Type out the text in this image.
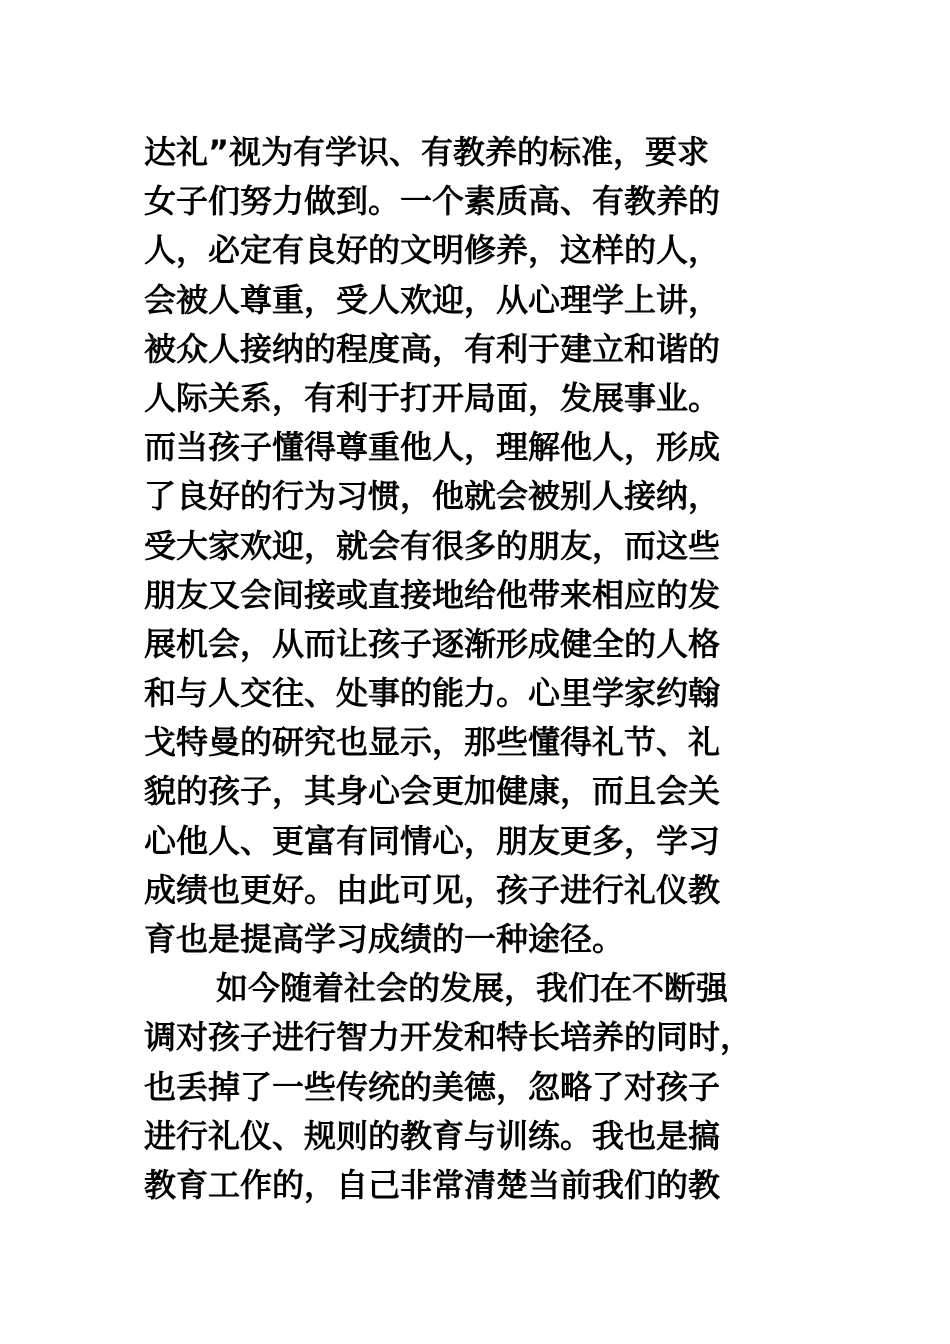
达礼”视为有学识、有教养的标准，要求
女子们努力做到。一个素质高、有教养的
人，必定有良好的文明修养，这样的人，
会被人尊重，受人欢迎，从心理学上讲，
被众人接纳的程度高，有利于建立和谐的
人际关系，有利于打开局面，发展事业。
而当孩子懂得尊重他人，理解他人，形成
了良好的行为习惯，他就会被别人接纳，
受大家欢迎，就会有很多的朋友，而这些
朋友又会间接或直接地给他带来相应的发
展机会，从而让孩子逐渐形成健全的人格
和与人交往、处事的能力。心里学家约翰
戈特曼的研究也显示，那些懂得礼节、礼
貌的孩子，其身心会更加健康，而且会关
心他人、更富有同情心，朋友更多，学习
成绩也更好。由此可见，孩子进行礼仪教
育也是提高学习成绩的一种途径。
如今随着社会的发展，我们在不断强
调对孩子进行智力开发和特长培养的同时，
也丢掉了一些传统的美德，忽略了对孩子
进行礼仪、规则的教育与训练。我也是搞
教育工作的，自己非常清楚当前我们的教
